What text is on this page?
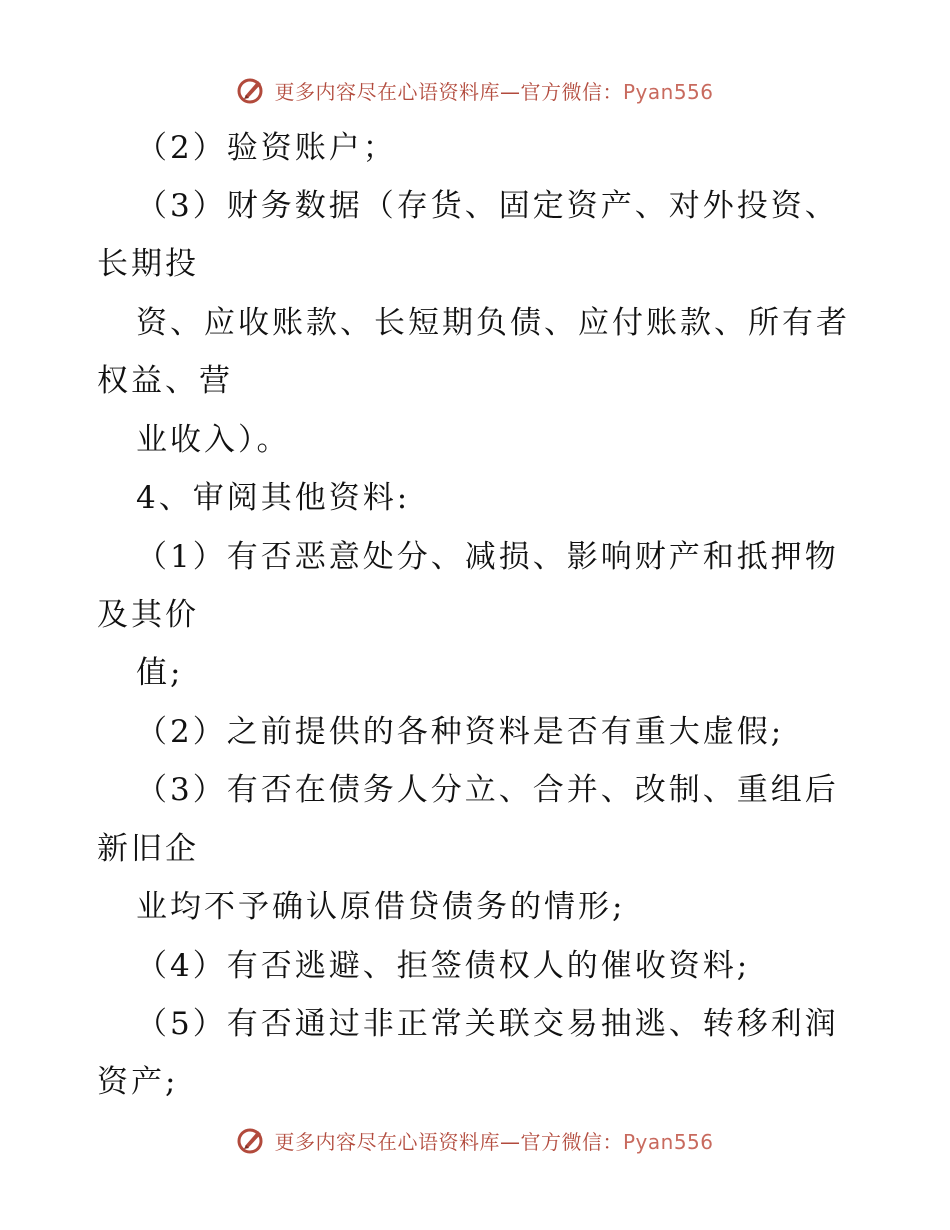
更多内容尽在心语资料库—官方微信：Pyan556
（2）验资账户；
（3）财务数据（存货、固定资产、对外投资、
长期投
资、应收账款、长短期负债、应付账款、所有者
权益、营
业收入）。
4、审阅其他资料:
（1）有否恶意处分、减损、影响财产和抵押物
及其价
值;
（2）之前提供的各种资料是否有重大虚假;
（3）有否在债务人分立、合并、改制、重组后
新旧企
业均不予确认原借贷债务的情形;
（4）有否逃避、拒签债权人的催收资料;
（5）有否通过非正常关联交易抽逃、转移利润
资产;
更多内容尽在心语资料库—官方微信：Pyan556
